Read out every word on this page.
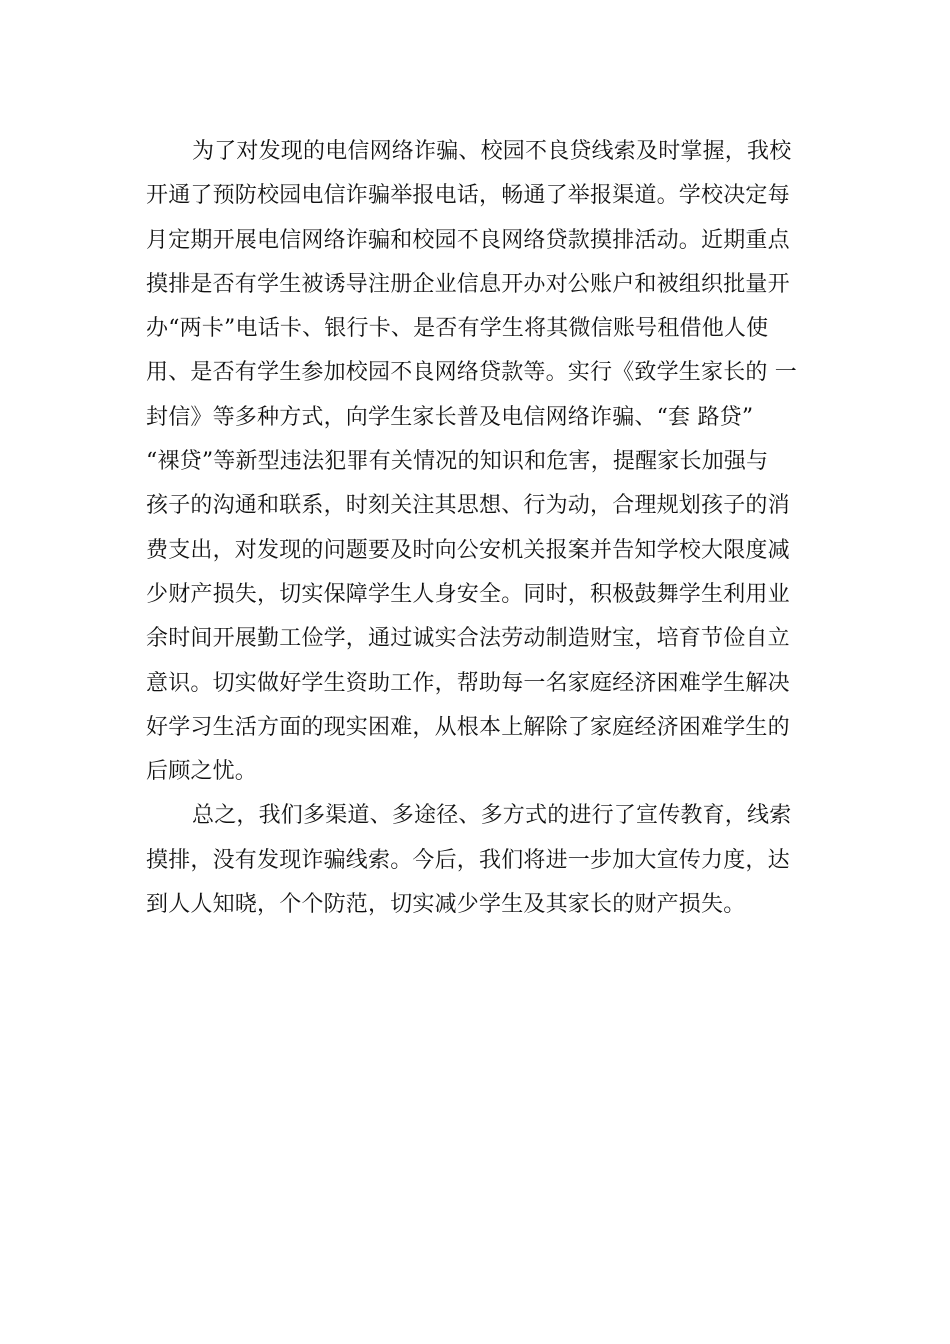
为了对发现的电信网络诈骗、校园不良贷线索及时掌握，我校
开通了预防校园电信诈骗举报电话，畅通了举报渠道。学校决定每
月定期开展电信网络诈骗和校园不良网络贷款摸排活动。近期重点
摸排是否有学生被诱导注册企业信息开办对公账户和被组织批量开
办“两卡”电话卡、银行卡、是否有学生将其微信账号租借他人使
用、是否有学生参加校园不良网络贷款等。实行《致学生家长的 一
封信》等多种方式，向学生家长普及电信网络诈骗、“套 路贷”
“裸贷”等新型违法犯罪有关情况的知识和危害，提醒家长加强与
孩子的沟通和联系，时刻关注其思想、行为动，合理规划孩子的消
费支出，对发现的问题要及时向公安机关报案并告知学校大限度减
少财产损失，切实保障学生人身安全。同时，积极鼓舞学生利用业
余时间开展勤工俭学，通过诚实合法劳动制造财宝，培育节俭自立
意识。切实做好学生资助工作，帮助每一名家庭经济困难学生解决
好学习生活方面的现实困难，从根本上解除了家庭经济困难学生的
后顾之忧。
总之，我们多渠道、多途径、多方式的进行了宣传教育，线索
摸排，没有发现诈骗线索。今后，我们将进一步加大宣传力度，达
到人人知晓，个个防范，切实减少学生及其家长的财产损失。
